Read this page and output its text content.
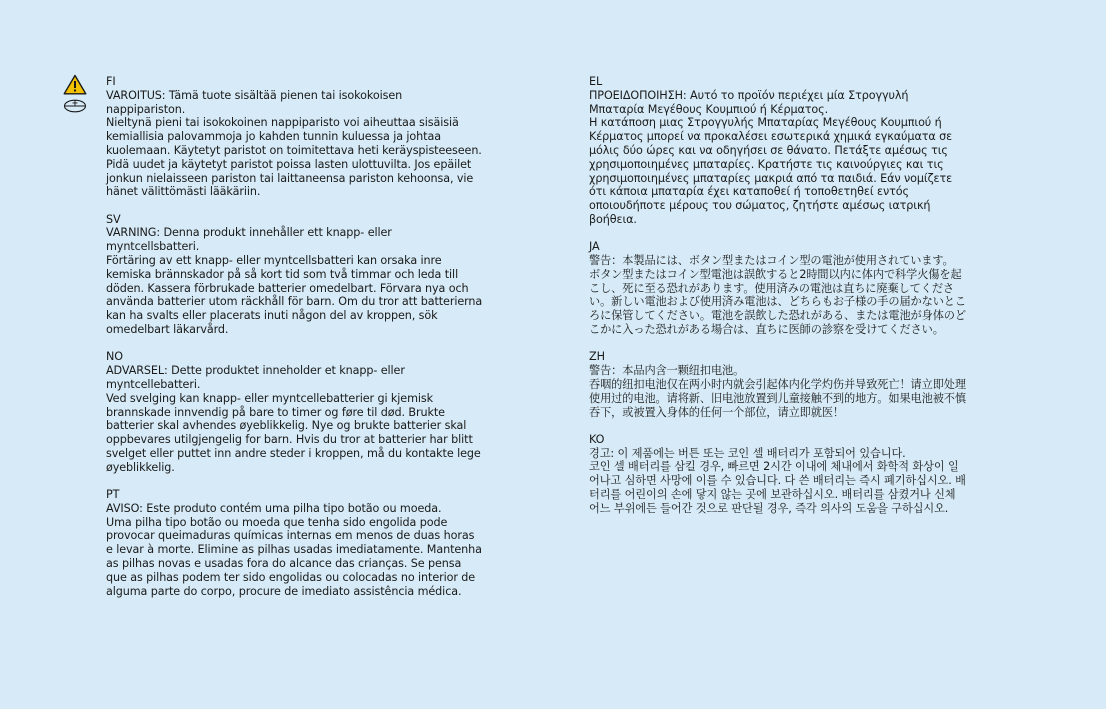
FI
VAROITUS: Tämä tuote sisältää pienen tai isokokoisen nappipariston.
Nieltynä pieni tai isokokoinen nappiparisto voi aiheuttaa sisäisiä kemiallisia palovammoja jo kahden tunnin kuluessa ja johtaa kuolemaan. Käytetyt paristot on toimitettava heti keräyspisteeseen. Pidä uudet ja käytetyt paristot poissa lasten ulottuvilta. Jos epäilet jonkun nielaisseen pariston tai laittaneensa pariston kehoonsa, vie hänet välittömästi lääkäriin.
SV
VARNING: Denna produkt innehåller ett knapp- eller myntcellsbatteri.
Förtäring av ett knapp- eller myntcellsbatteri kan orsaka inre kemiska brännskador på så kort tid som två timmar och leda till döden. Kassera förbrukade batterier omedelbart. Förvara nya och använda batterier utom räckhåll för barn. Om du tror att batterierna kan ha svalts eller placerats inuti någon del av kroppen, sök omedelbart läkarvård.
NO
ADVARSEL: Dette produktet inneholder et knapp- eller myntcellebatteri.
Ved svelging kan knapp- eller myntcellebatterier gi kjemisk brannskade innvendig på bare to timer og føre til død. Brukte batterier skal avhendes øyeblikkelig. Nye og brukte batterier skal oppbevares utilgjengelig for barn. Hvis du tror at batterier har blitt svelget eller puttet inn andre steder i kroppen, må du kontakte lege øyeblikkelig.
PT
AVISO: Este produto contém uma pilha tipo botão ou moeda.
Uma pilha tipo botão ou moeda que tenha sido engolida pode provocar queimaduras químicas internas em menos de duas horas e levar à morte. Elimine as pilhas usadas imediatamente. Mantenha as pilhas novas e usadas fora do alcance das crianças. Se pensa que as pilhas podem ter sido engolidas ou colocadas no interior de alguma parte do corpo, procure de imediato assistência médica.
EL
ΠΡΟΕΙΔΟΠΟΙΗΣΗ: Αυτό το προϊόν περιέχει μία Στρογγυλή Μπαταρία Μεγέθους Κουμπιού ή Κέρματος.
Η κατάποση μιας Στρογγυλής Μπαταρίας Μεγέθους Κουμπιού ή Κέρματος μπορεί να προκαλέσει εσωτερικά χημικά εγκαύματα σε μόλις δύο ώρες και να οδηγήσει σε θάνατο. Πετάξτε αμέσως τις χρησιμοποιημένες μπαταρίες. Κρατήστε τις καινούργιες και τις χρησιμοποιημένες μπαταρίες μακριά από τα παιδιά. Εάν νομίζετε ότι κάποια μπαταρία έχει καταποθεί ή τοποθετηθεί εντός οποιουδήποτε μέρους του σώματος, ζητήστε αμέσως ιατρική βοήθεια.
JA
警告：本製品には、ボタン型またはコイン型の電池が使用されています。
ボタン型またはコイン型電池は誤飲すると2時間以内に体内で科学火傷を起こし、死に至る恐れがあります。使用済みの電池は直ちに廃棄してください。新しい電池および使用済み電池は、どちらもお子様の手の届かないところに保管してください。電池を誤飲した恐れがある、または電池が身体のどこかに入った恐れがある場合は、直ちに医師の診察を受けてください。
ZH
警告：本品内含一颗纽扣电池。
吞咽的纽扣电池仅在两小时内就会引起体内化学灼伤并导致死亡！请立即处理使用过的电池。请将新、旧电池放置到儿童接触不到的地方。如果电池被不慎吞下，或被置入身体的任何一个部位，请立即就医！
KO
경고: 이 제품에는 버튼 또는 코인 셀 배터리가 포함되어 있습니다.
코인 셀 배터리를 삼킬 경우, 빠르면 2시간 이내에 체내에서 화학적 화상이 일어나고 심하면 사망에 이를 수 있습니다. 다 쓴 배터리는 즉시 폐기하십시오. 배터리를 어린이의 손에 닿지 않는 곳에 보관하십시오. 배터리를 삼켰거나 신체 어느 부위에든 들어간 것으로 판단될 경우, 즉각 의사의 도움을 구하십시오.
